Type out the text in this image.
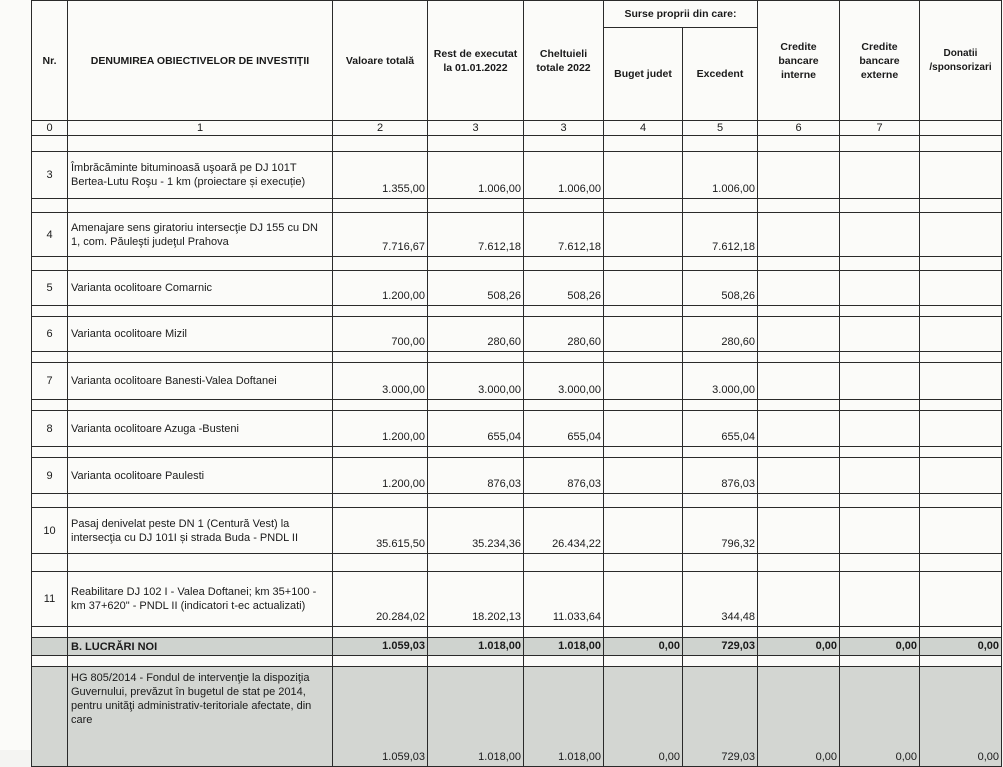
Nr.	DENUMIREA OBIECTIVELOR DE INVESTIŢII	Valoare totală	Rest de executat la 01.01.2022	Cheltuieli totale 2022	Surse proprii din care:		Credite bancare interne	Credite bancare externe	Donatii /sponsorizari
					Buget judet	Excedent			
0	1	2	3	3	4	5	6	7	

3	Îmbrăcăminte bituminoasă uşoară pe DJ 101T Bertea-Lutu Roşu - 1 km (proiectare și execuție)	1.355,00	1.006,00	1.006,00		1.006,00			

4	Amenajare sens giratoriu intersecţie DJ 155 cu DN 1, com. Păuleşti judeţul Prahova	7.716,67	7.612,18	7.612,18		7.612,18			

5	Varianta ocolitoare Comarnic	1.200,00	508,26	508,26		508,26			

6	Varianta ocolitoare Mizil	700,00	280,60	280,60		280,60			

7	Varianta ocolitoare Banesti-Valea Doftanei	3.000,00	3.000,00	3.000,00		3.000,00			

8	Varianta ocolitoare Azuga -Busteni	1.200,00	655,04	655,04		655,04			

9	Varianta ocolitoare Paulesti	1.200,00	876,03	876,03		876,03			

10	Pasaj denivelat peste DN 1 (Centură Vest) la intersecţia cu DJ 101I și strada Buda - PNDL II	35.615,50	35.234,36	26.434,22		796,32			

11	Reabilitare DJ 102 I - Valea Doftanei; km 35+100 - km 37+620" - PNDL II (indicatori t-ec actualizati)	20.284,02	18.202,13	11.033,64		344,48			

	B. LUCRĂRI NOI	1.059,03	1.018,00	1.018,00	0,00	729,03	0,00	0,00	0,00

	HG 805/2014 - Fondul de intervenţie la dispoziţia Guvernului, prevăzut în bugetul de stat pe 2014, pentru unităţi administrativ-teritoriale afectate, din care	1.059,03	1.018,00	1.018,00	0,00	729,03	0,00	0,00	0,00
